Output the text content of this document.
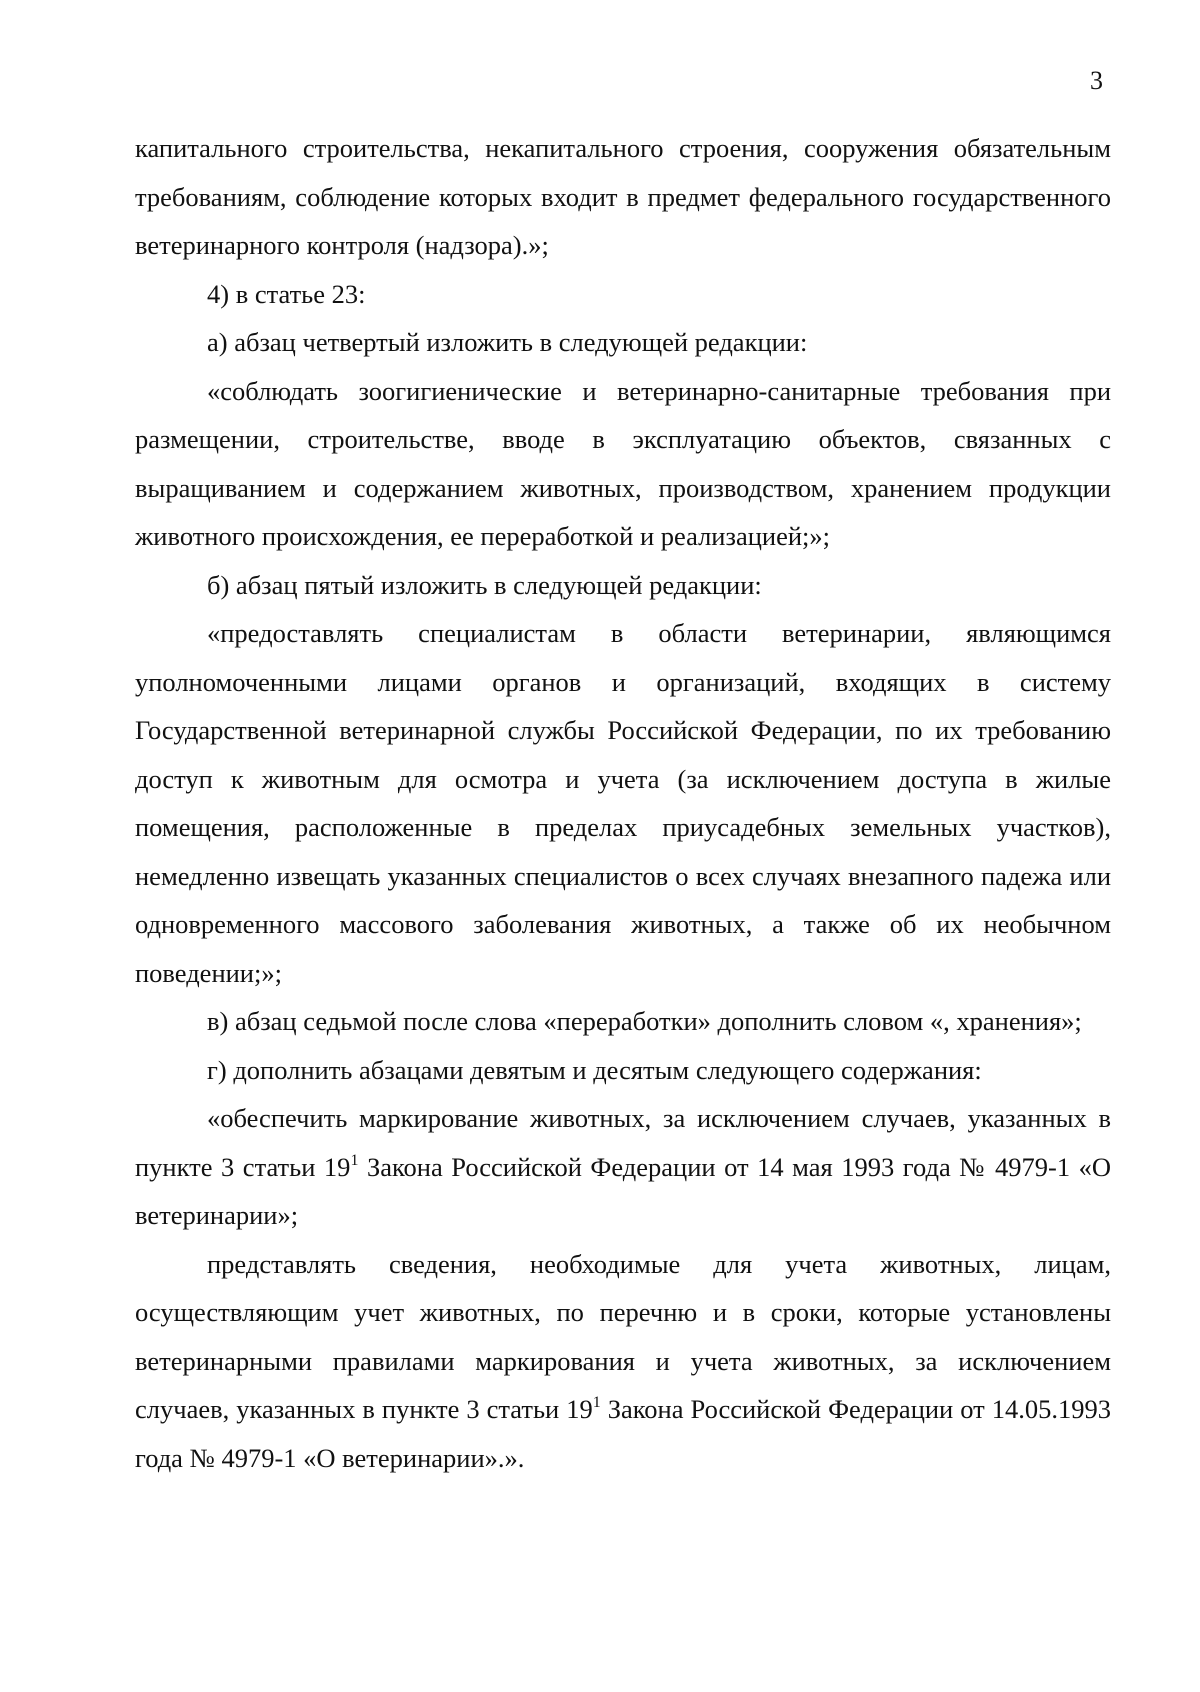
3

капитального строительства, некапитального строения, сооружения обязательным требованиям, соблюдение которых входит в предмет федерального государственного ветеринарного контроля (надзора).»;

4) в статье 23:

а) абзац четвертый изложить в следующей редакции:

«соблюдать зоогигиенические и ветеринарно-санитарные требования при размещении, строительстве, вводе в эксплуатацию объектов, связанных с выращиванием и содержанием животных, производством, хранением продукции животного происхождения, ее переработкой и реализацией;»;

б) абзац пятый изложить в следующей редакции:

«предоставлять специалистам в области ветеринарии, являющимся уполномоченными лицами органов и организаций, входящих в систему Государственной ветеринарной службы Российской Федерации, по их требованию доступ к животным для осмотра и учета (за исключением доступа в жилые помещения, расположенные в пределах приусадебных земельных участков), немедленно извещать указанных специалистов о всех случаях внезапного падежа или одновременного массового заболевания животных, а также об их необычном поведении;»;

в) абзац седьмой после слова «переработки» дополнить словом «, хранения»;

г) дополнить абзацами девятым и десятым следующего содержания:

«обеспечить маркирование животных, за исключением случаев, указанных в пункте 3 статьи $19^1$ Закона Российской Федерации от 14 мая 1993 года № 4979-1 «О ветеринарии»;

представлять сведения, необходимые для учета животных, лицам, осуществляющим учет животных, по перечню и в сроки, которые установлены ветеринарными правилами маркирования и учета животных, за исключением случаев, указанных в пункте 3 статьи $19^1$ Закона Российской Федерации от 14.05.1993 года № 4979-1 «О ветеринарии».».
